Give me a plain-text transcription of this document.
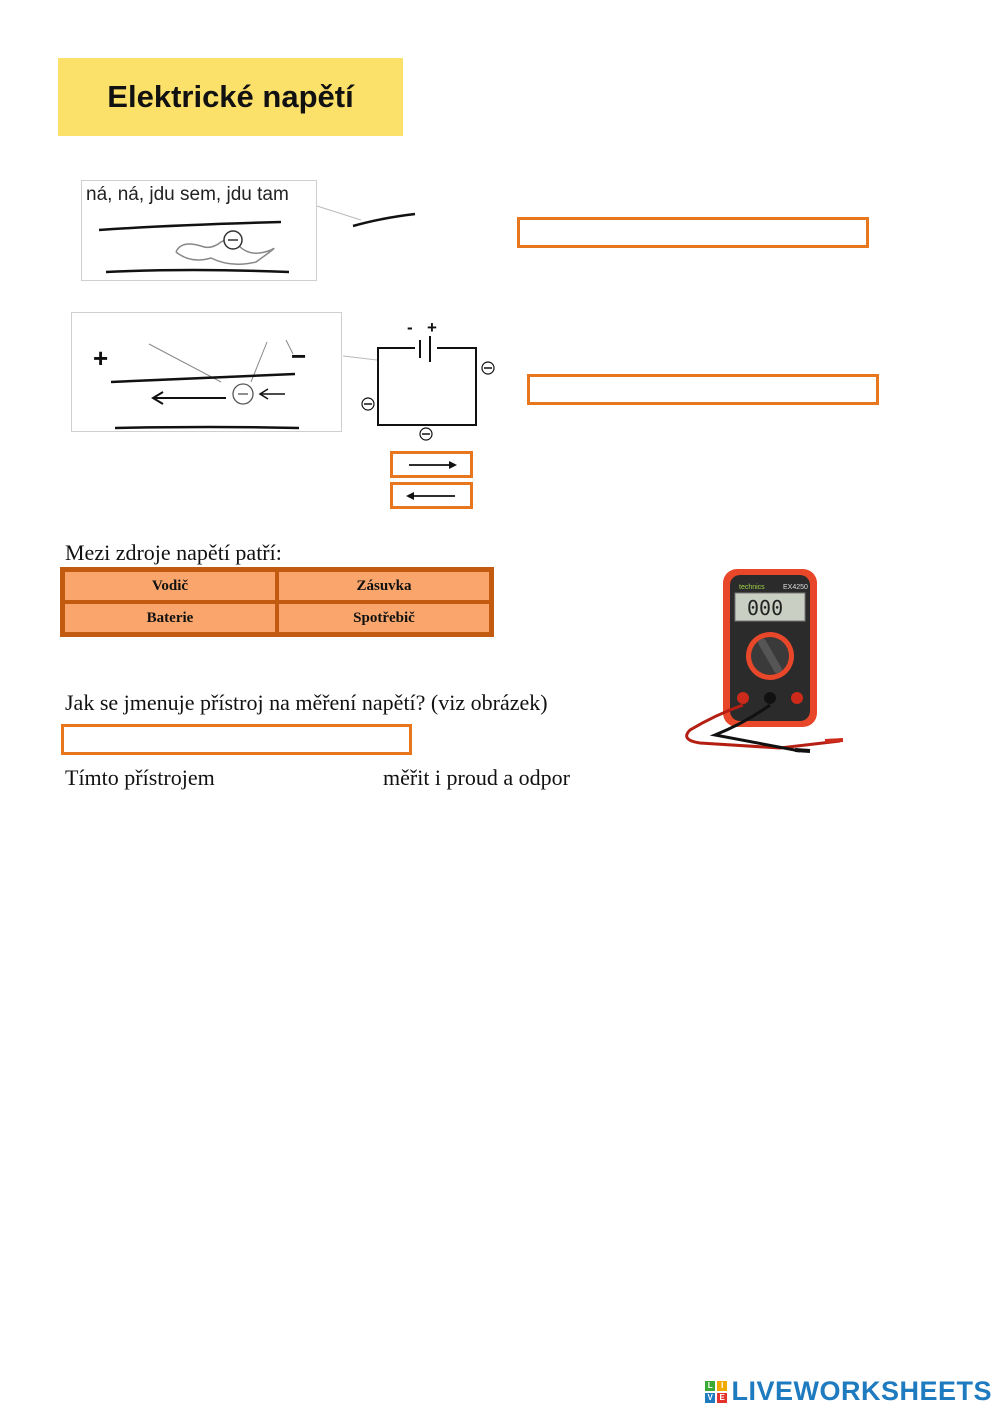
Elektrické napětí
ná, ná, jdu sem, jdu tam
+	−
- +
Mezi zdroje napětí patří:
Vodič	Zásuvka
Baterie	Spotřebič
Jak se jmenuje přístroj na měření napětí? (viz obrázek)
Tímto přístrojem	měřit i proud a odpor
technics	EX4250
000
L I
V E LIVEWORKSHEETS
